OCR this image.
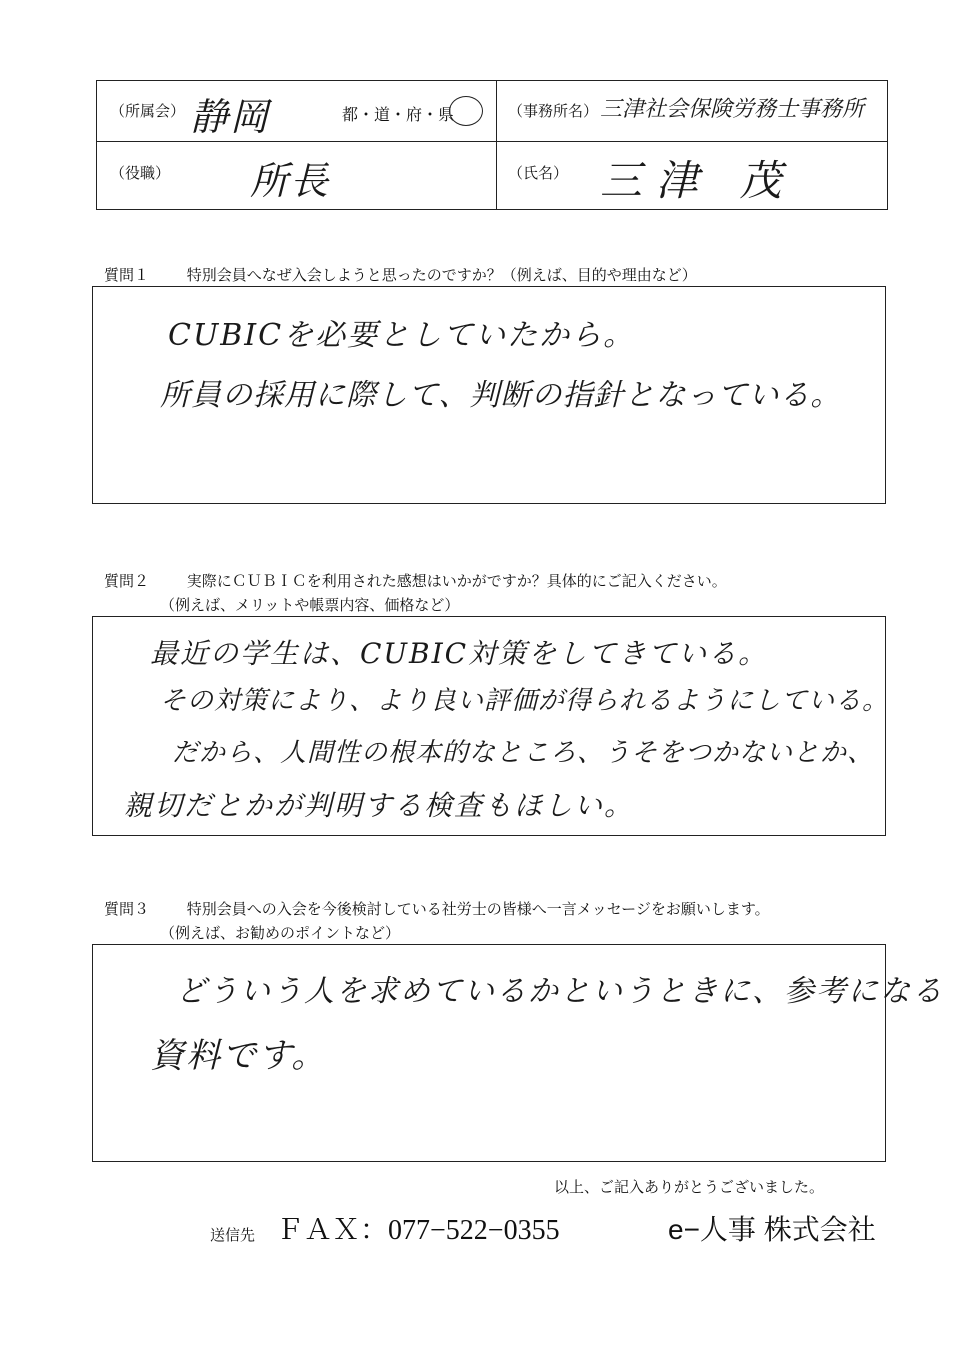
（所属会） 静岡	都・道・府・県	（事務所名） 三津社会保険労務士事務所
（役職） 所長	（氏名） 三津 茂
質問１	特別会員へなぜ入会しようと思ったのですか？（例えば、目的や理由など）
CUBICを必要としていたから。
所員の採用に際して、判断の指針となっている。
質問２	実際にＣＵＢＩＣを利用された感想はいかがですか？具体的にご記入ください。
（例えば、メリットや帳票内容、価格など）
最近の学生は、CUBIC対策をしてきている。
その対策により、より良い評価が得られるようにしている。
だから、人間性の根本的なところ、うそをつかないとか、
親切だとかが判明する検査もほしい。
質問３	特別会員への入会を今後検討している社労士の皆様へ一言メッセージをお願いします。
（例えば、お勧めのポイントなど）
どういう人を求めているかというときに、参考になる
資料です。
以上、ご記入ありがとうございました。
送信先 ＦＡＸ：077−522−0355	e−人事 株式会社
